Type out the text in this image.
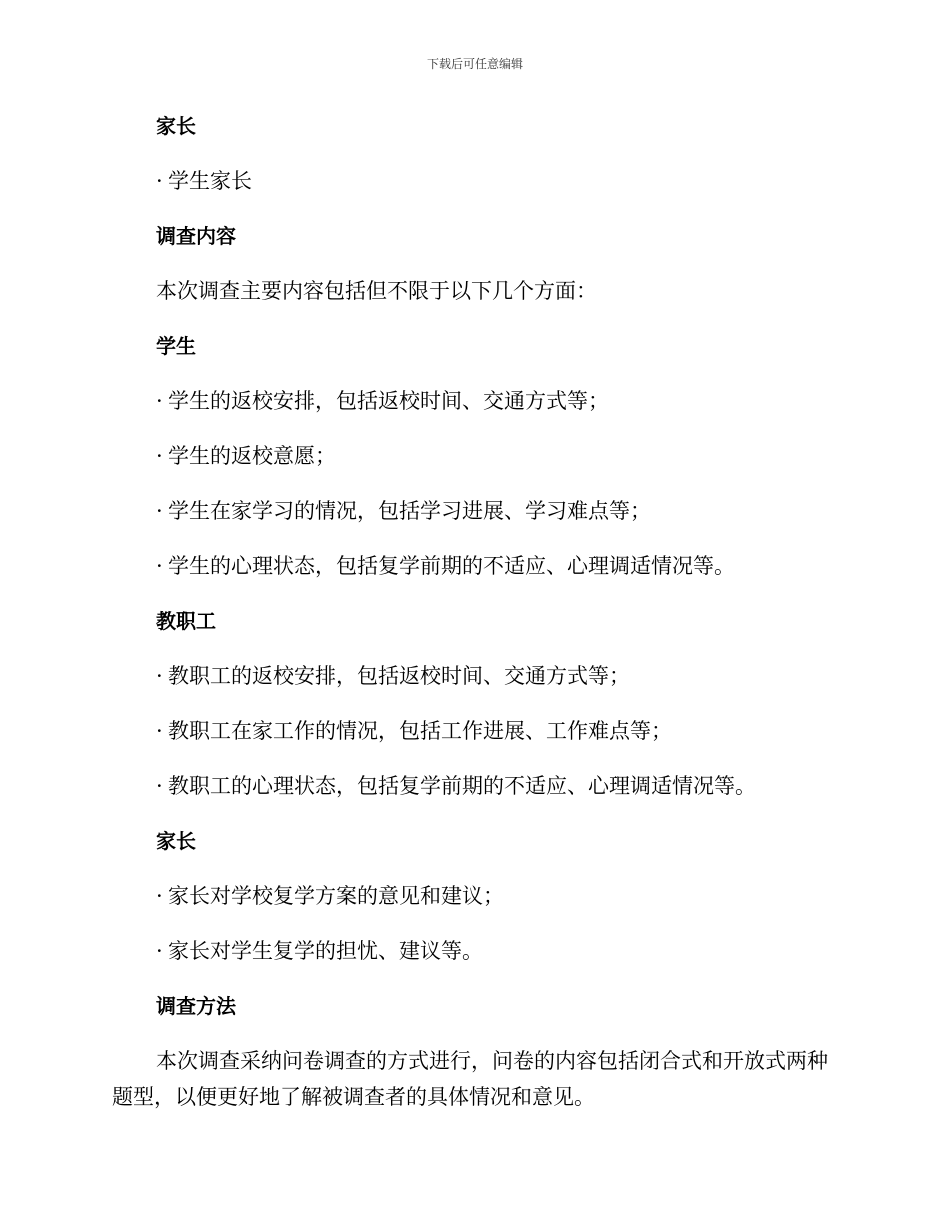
下载后可任意编辑
家长
· 学生家长
调查内容
本次调查主要内容包括但不限于以下几个方面：
学生
· 学生的返校安排，包括返校时间、交通方式等；
· 学生的返校意愿；
· 学生在家学习的情况，包括学习进展、学习难点等；
· 学生的心理状态，包括复学前期的不适应、心理调适情况等。
教职工
· 教职工的返校安排，包括返校时间、交通方式等；
· 教职工在家工作的情况，包括工作进展、工作难点等；
· 教职工的心理状态，包括复学前期的不适应、心理调适情况等。
家长
· 家长对学校复学方案的意见和建议；
· 家长对学生复学的担忧、建议等。
调查方法
本次调查采纳问卷调查的方式进行，问卷的内容包括闭合式和开放式两种题型，以便更好地了解被调查者的具体情况和意见。
